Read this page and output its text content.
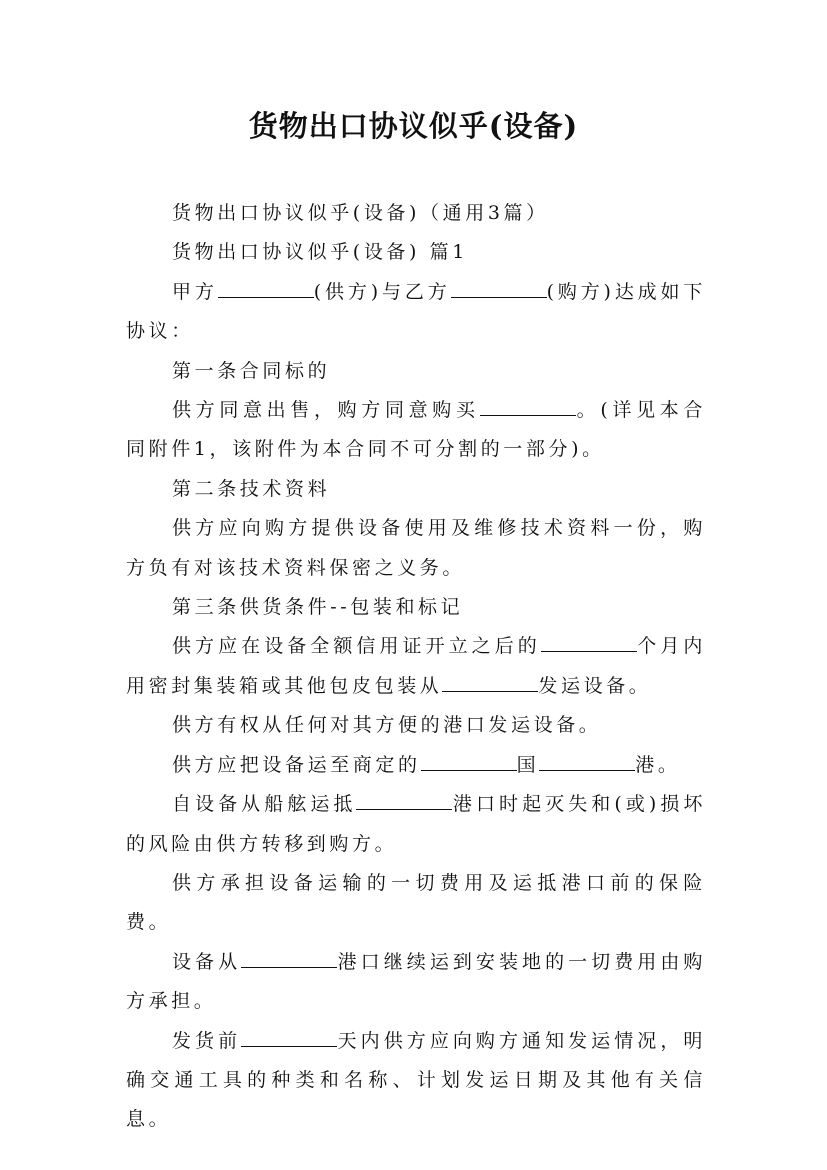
货物出口协议似乎(设备)

货物出口协议似乎(设备)（通用3篇）

货物出口协议似乎(设备) 篇1

甲方	(供方)与乙方	(购方)达成如下协议：

第一条合同标的

供方同意出售，购方同意购买	。(详见本合同附件1，该附件为本合同不可分割的一部分)。

第二条技术资料

供方应向购方提供设备使用及维修技术资料一份，购方负有对该技术资料保密之义务。

第三条供货条件--包装和标记

供方应在设备全额信用证开立之后的	个月内用密封集装箱或其他包皮包装从	发运设备。

供方有权从任何对其方便的港口发运设备。

供方应把设备运至商定的	国	港。

自设备从船舷运抵	港口时起灭失和(或)损坏的风险由供方转移到购方。

供方承担设备运输的一切费用及运抵港口前的保险费。

设备从	港口继续运到安装地的一切费用由购方承担。

发货前	天内供方应向购方通知发运情况，明确交通工具的种类和名称、计划发运日期及其他有关信息。
